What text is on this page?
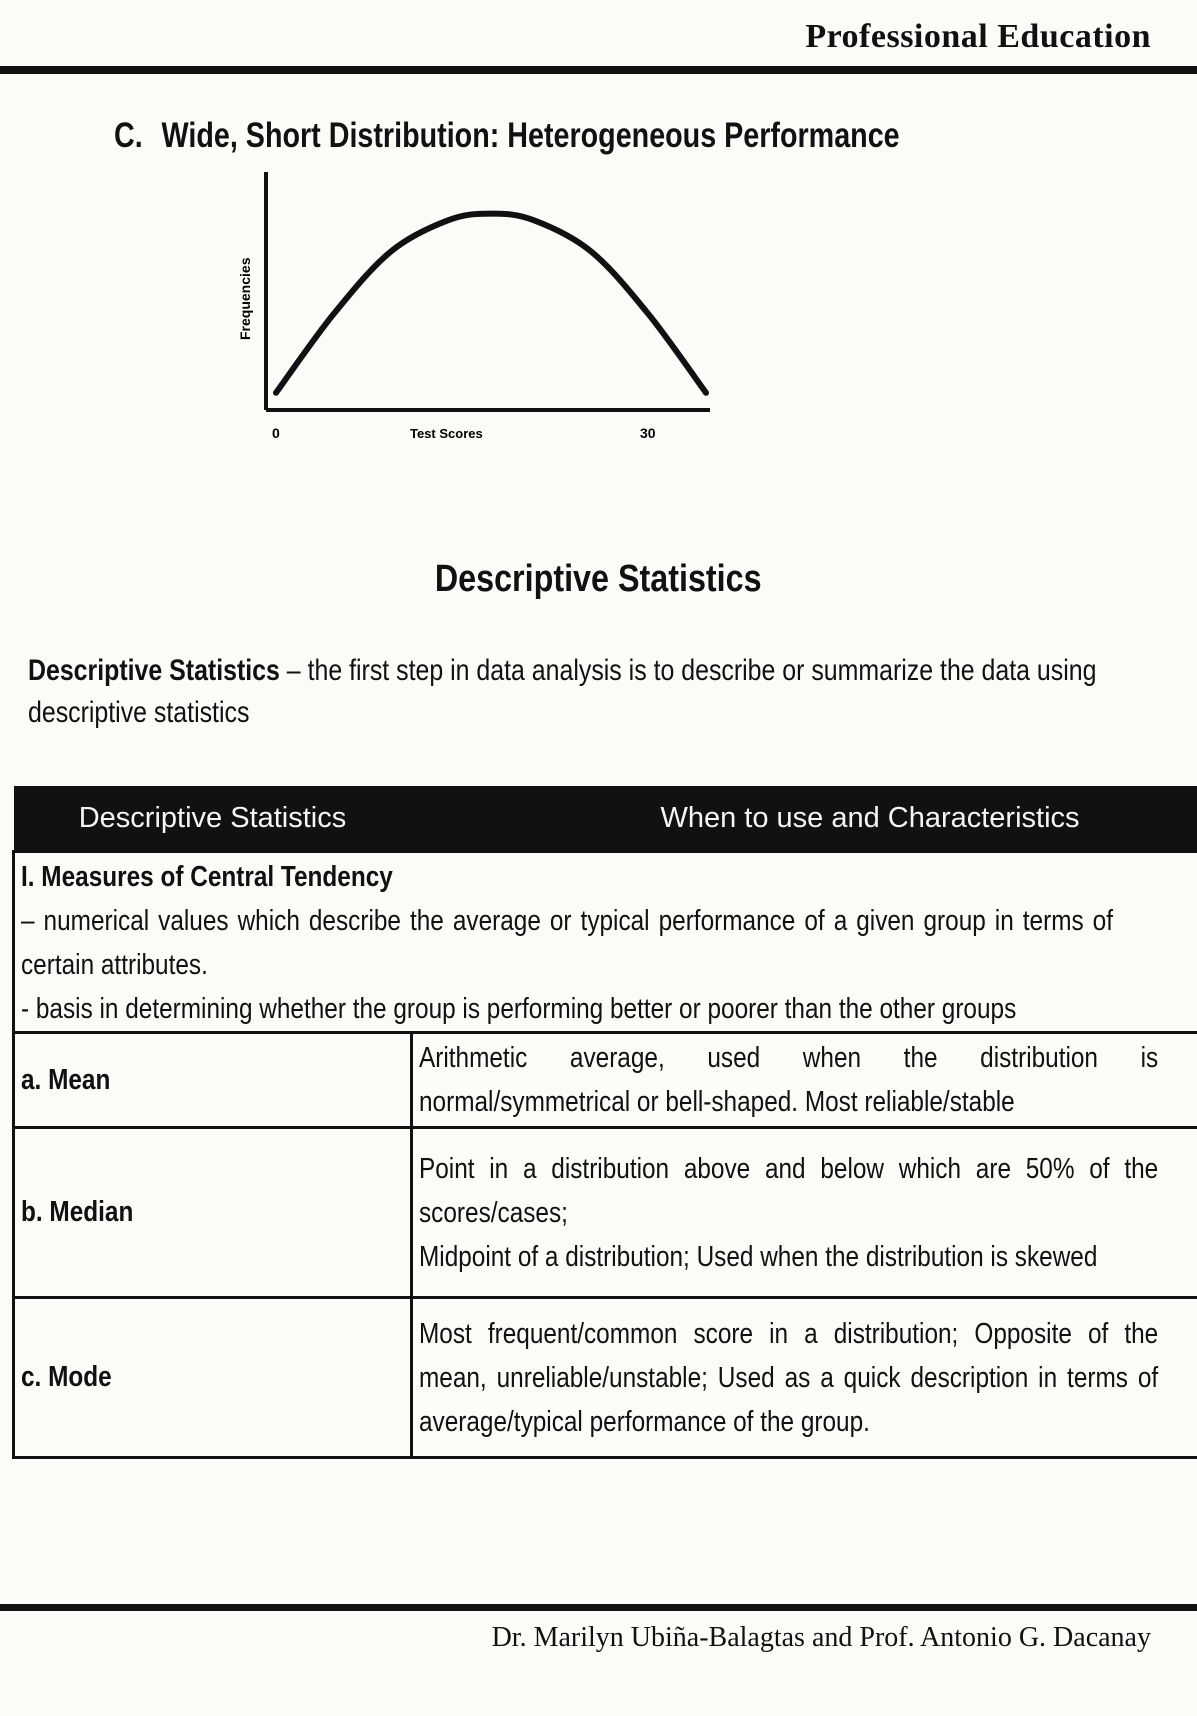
Professional Education
C. Wide, Short Distribution: Heterogeneous Performance
Frequencies
0	Test Scores	30
Descriptive Statistics
Descriptive Statistics – the first step in data analysis is to describe or summarize the data using descriptive statistics
Descriptive Statistics	When to use and Characteristics

I. Measures of Central Tendency
– numerical values which describe the average or typical performance of a given group in terms of certain attributes.
- basis in determining whether the group is performing better or poorer than the other groups	

a. Mean	Arithmetic average, used when the distribution is normal/symmetrical or bell-shaped. Most reliable/stable
b. Median	Point in a distribution above and below which are 50% of the scores/cases;
Midpoint of a distribution; Used when the distribution is skewed

c. Mode	Most frequent/common score in a distribution; Opposite of the mean, unreliable/unstable; Used as a quick description in terms of average/typical performance of the group.
Dr. Marilyn Ubiña-Balagtas and Prof. Antonio G. Dacanay
